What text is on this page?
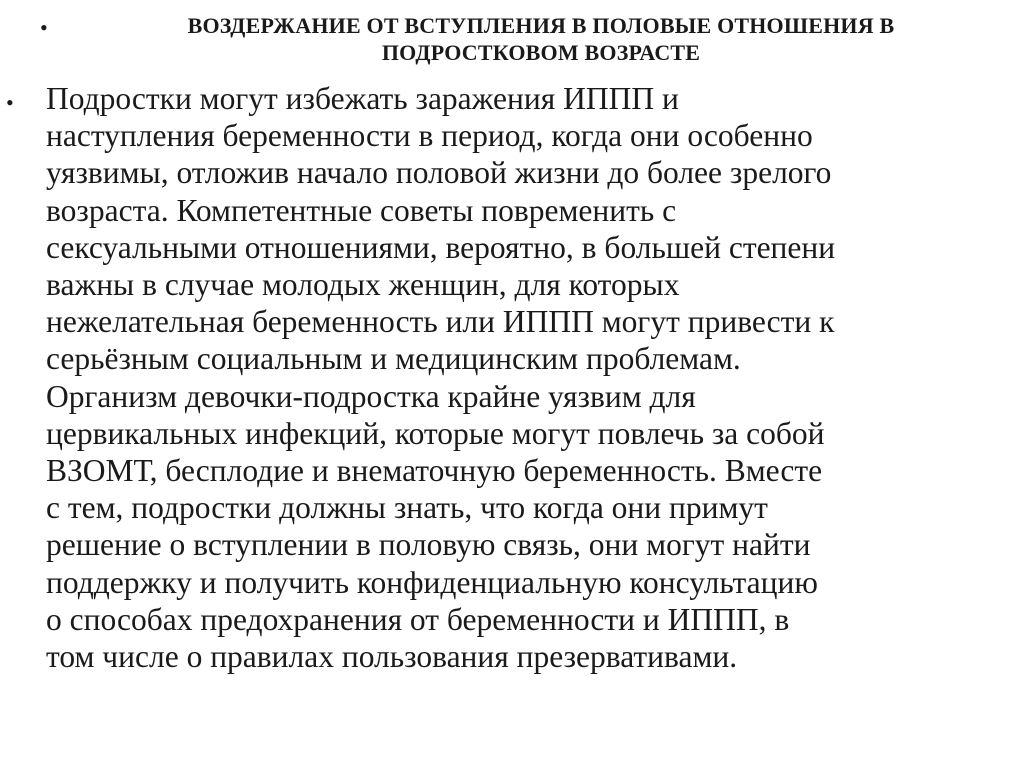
•	ВОЗДЕРЖАНИЕ ОТ ВСТУПЛЕНИЯ В ПОЛОВЫЕ ОТНОШЕНИЯ В
ПОДРОСТКОВОМ ВОЗРАСТЕ
• Подростки могут избежать заражения ИППП и
наступления беременности в период, когда они особенно
уязвимы, отложив начало половой жизни до более зрелого
возраста. Компетентные советы повременить с
сексуальными отношениями, вероятно, в большей степени
важны в случае молодых женщин, для которых
нежелательная беременность или ИППП могут привести к
серьёзным социальным и медицинским проблемам.
Организм девочки-подростка крайне уязвим для
цервикальных инфекций, которые могут повлечь за собой
ВЗОМТ, бесплодие и внематочную беременность. Вместе
с тем, подростки должны знать, что когда они примут
решение о вступлении в половую связь, они могут найти
поддержку и получить конфиденциальную консультацию
о способах предохранения от беременности и ИППП, в
том числе о правилах пользования презервативами.
